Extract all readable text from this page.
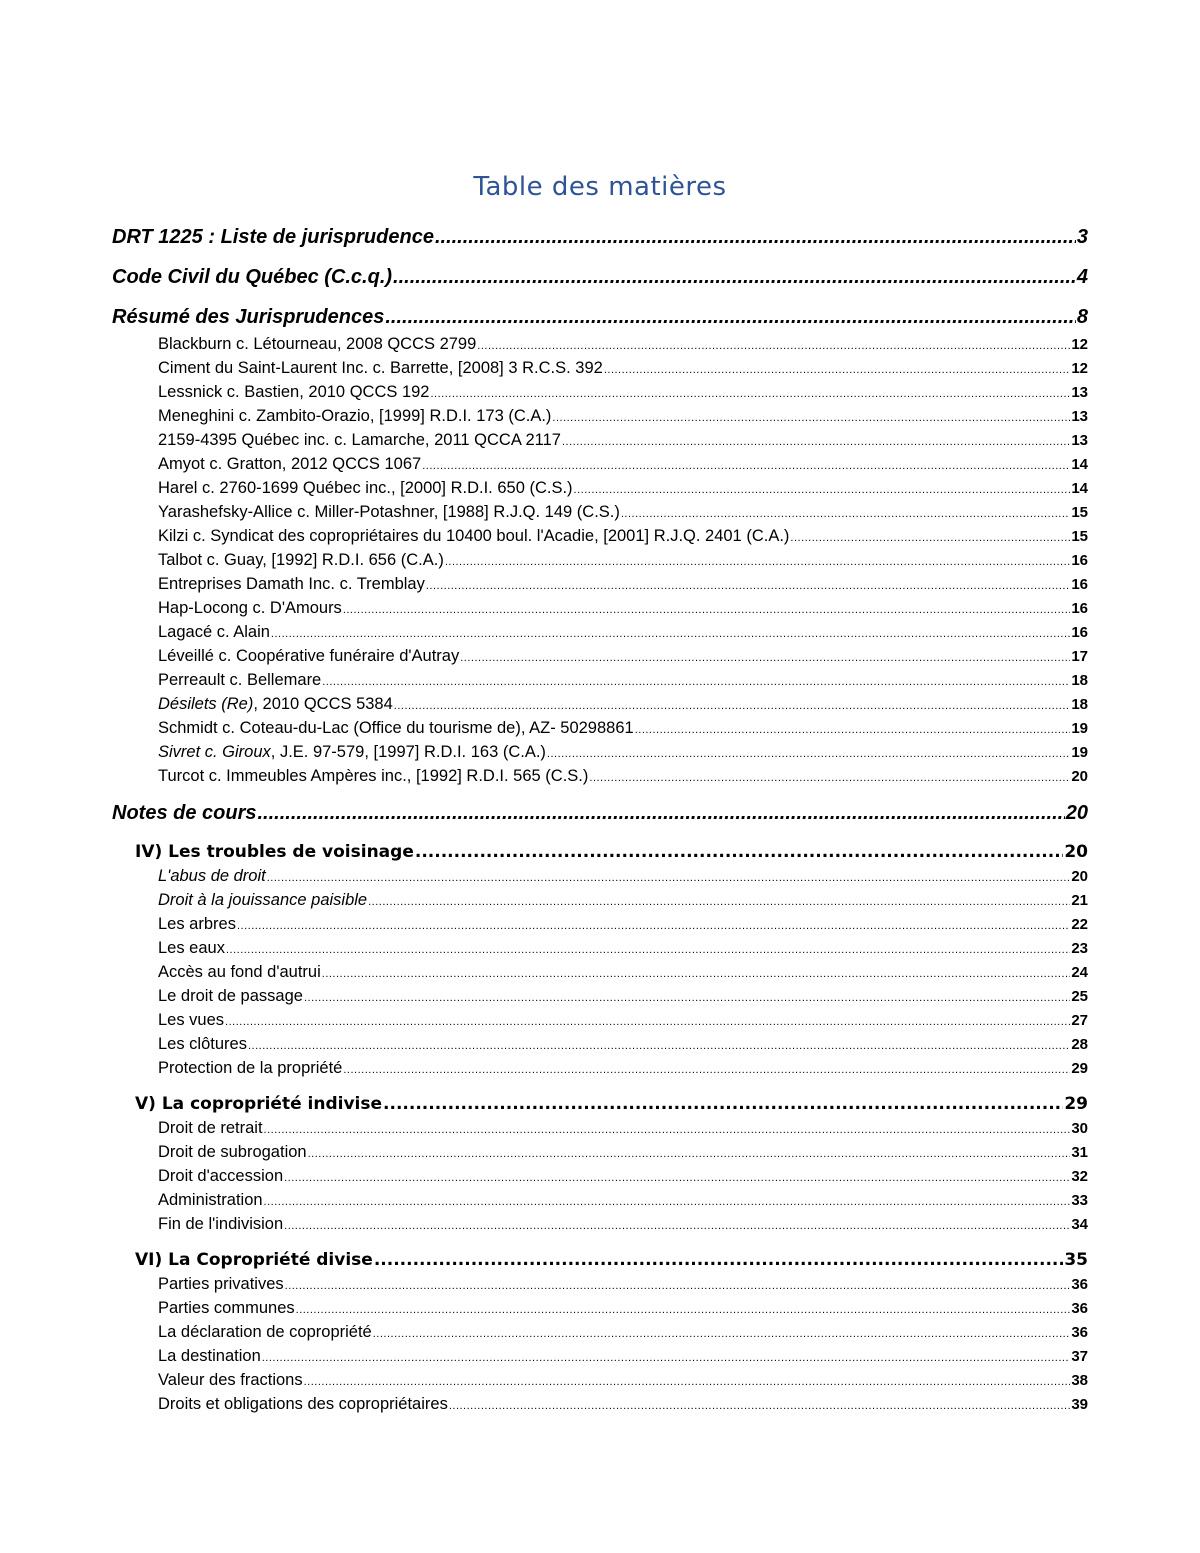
Table des matières
DRT 1225 : Liste de jurisprudence .....	3
Code Civil du Québec (C.c.q.) .....	4
Résumé des Jurisprudences .....	8
Blackburn c. Létourneau, 2008 QCCS 2799 .....	12
Ciment du Saint-Laurent Inc. c. Barrette, [2008] 3 R.C.S. 392 .....	12
Lessnick c. Bastien, 2010 QCCS 192 .....	13
Meneghini c. Zambito-Orazio, [1999] R.D.I. 173 (C.A.) .....	13
2159-4395 Québec inc. c. Lamarche, 2011 QCCA 2117 .....	13
Amyot c. Gratton, 2012 QCCS 1067 .....	14
Harel c. 2760-1699 Québec inc., [2000] R.D.I. 650 (C.S.) .....	14
Yarashefsky-Allice c. Miller-Potashner, [1988] R.J.Q. 149 (C.S.) .....	15
Kilzi c. Syndicat des copropriétaires du 10400 boul. l'Acadie, [2001] R.J.Q. 2401 (C.A.) .....	15
Talbot c. Guay, [1992] R.D.I. 656 (C.A.) .....	16
Entreprises Damath Inc. c. Tremblay .....	16
Hap-Locong c. D'Amours .....	16
Lagacé c. Alain .....	16
Léveillé c. Coopérative funéraire d'Autray .....	17
Perreault c. Bellemare .....	18
Désilets (Re), 2010 QCCS 5384 .....	18
Schmidt c. Coteau-du-Lac (Office du tourisme de), AZ- 50298861 .....	19
Sivret c. Giroux, J.E. 97-579, [1997] R.D.I. 163 (C.A.) .....	19
Turcot c. Immeubles Ampères inc., [1992] R.D.I. 565 (C.S.) .....	20
Notes de cours .....	20
IV) Les troubles de voisinage .....	20
L'abus de droit .....	20
Droit à la jouissance paisible .....	21
Les arbres .....	22
Les eaux .....	23
Accès au fond d'autrui .....	24
Le droit de passage .....	25
Les vues .....	27
Les clôtures .....	28
Protection de la propriété .....	29
V) La copropriété indivise .....	29
Droit de retrait .....	30
Droit de subrogation .....	31
Droit d'accession .....	32
Administration .....	33
Fin de l'indivision .....	34
VI) La Copropriété divise .....	35
Parties privatives .....	36
Parties communes .....	36
La déclaration de copropriété .....	36
La destination .....	37
Valeur des fractions .....	38
Droits et obligations des copropriétaires .....	39
